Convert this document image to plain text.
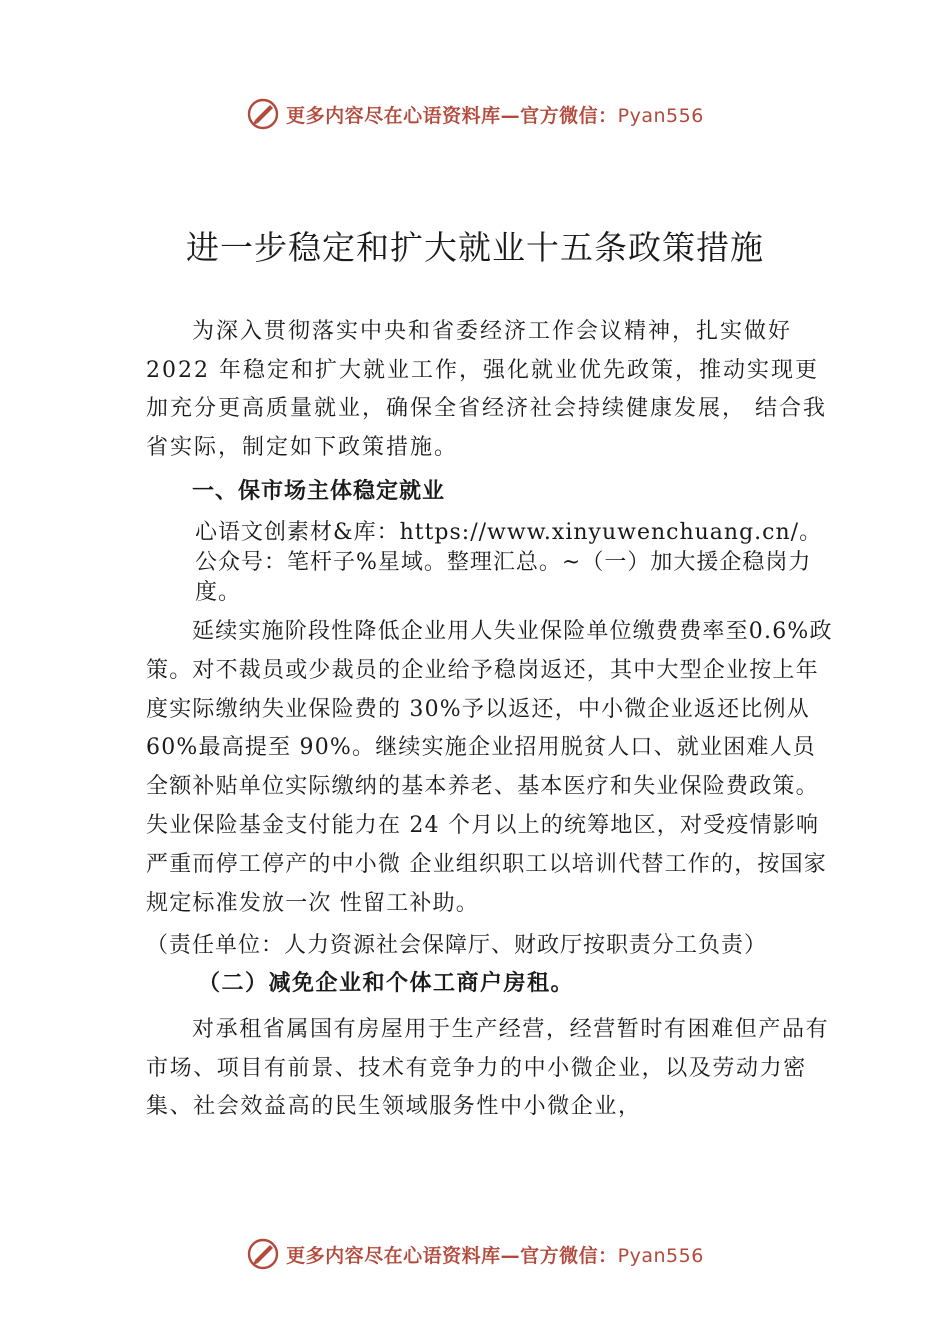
更多内容尽在心语资料库—官方微信：Pyan556
进一步稳定和扩大就业十五条政策措施
为深入贯彻落实中央和省委经济工作会议精神，扎实做好 2022 年稳定和扩大就业工作，强化就业优先政策，推动实现更加充分更高质量就业，确保全省经济社会持续健康发展， 结合我省实际，制定如下政策措施。
一、保市场主体稳定就业
心语文创素材&库：https://www.xinyuwenchuang.cn/。公众号：笔杆子%星域。整理汇总。~（一）加大援企稳岗力度。
延续实施阶段性降低企业用人失业保险单位缴费费率至0.6%政策。对不裁员或少裁员的企业给予稳岗返还，其中大型企业按上年度实际缴纳失业保险费的 30%予以返还，中小微企业返还比例从 60%最高提至 90%。继续实施企业招用脱贫人口、就业困难人员全额补贴单位实际缴纳的基本养老、基本医疗和失业保险费政策。失业保险基金支付能力在 24 个月以上的统筹地区，对受疫情影响严重而停工停产的中小微 企业组织职工以培训代替工作的，按国家规定标准发放一次 性留工补助。
（责任单位：人力资源社会保障厅、财政厅按职责分工负责）
（二）减免企业和个体工商户房租。
对承租省属国有房屋用于生产经营，经营暂时有困难但产品有市场、项目有前景、技术有竞争力的中小微企业，以及劳动力密集、社会效益高的民生领域服务性中小微企业，
更多内容尽在心语资料库—官方微信：Pyan556
